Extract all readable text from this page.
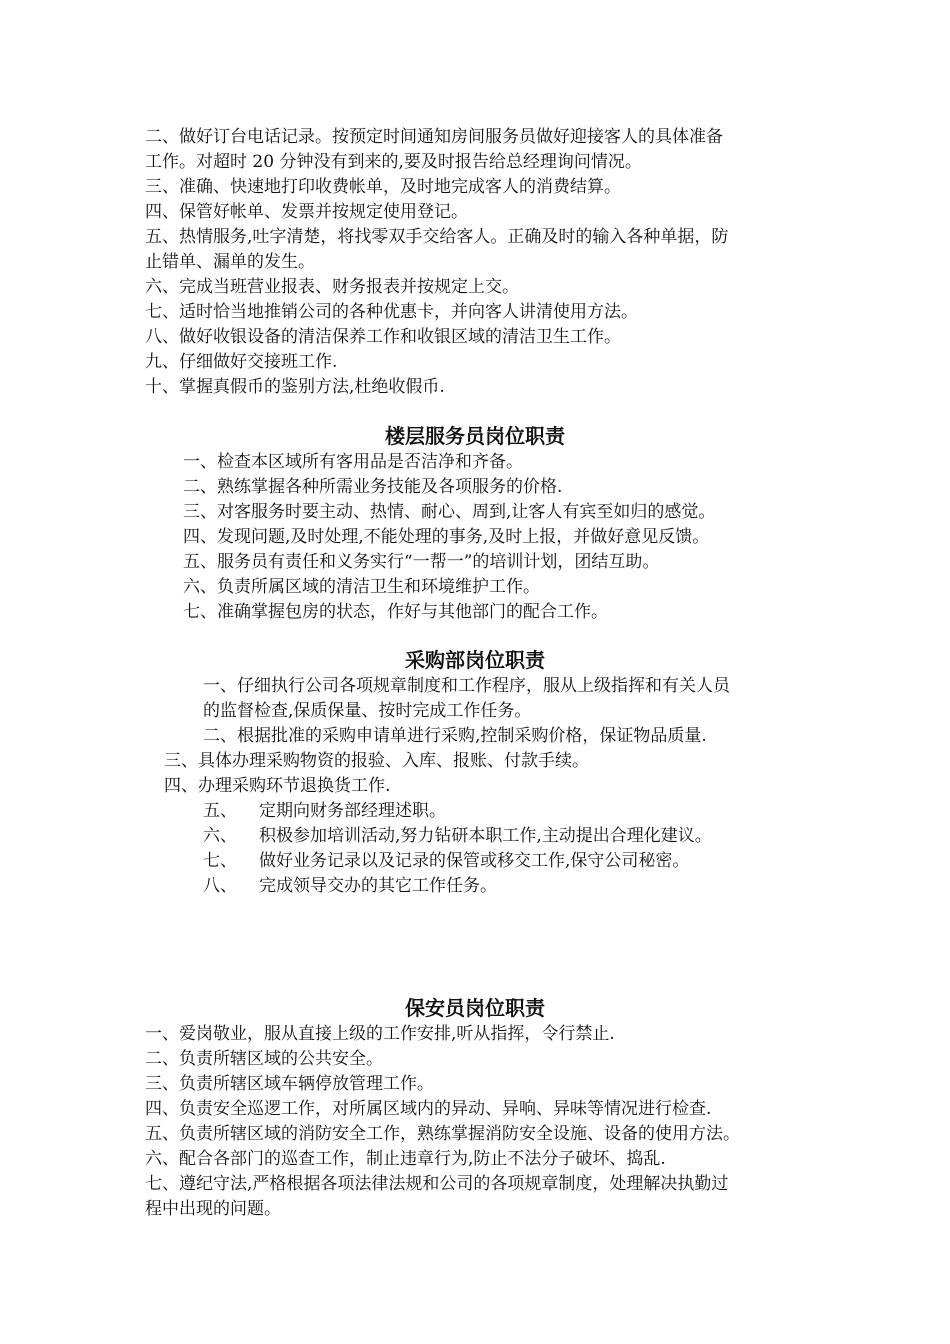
二、做好订台电话记录。按预定时间通知房间服务员做好迎接客人的具体准备
工作。对超时 20 分钟没有到来的,要及时报告给总经理询问情况。
三、准确、快速地打印收费帐单，及时地完成客人的消费结算。
四、保管好帐单、发票并按规定使用登记。
五、热情服务,吐字清楚，将找零双手交给客人。正确及时的输入各种单据，防
止错单、漏单的发生。
六、完成当班营业报表、财务报表并按规定上交。
七、适时恰当地推销公司的各种优惠卡，并向客人讲清使用方法。
八、做好收银设备的清洁保养工作和收银区域的清洁卫生工作。
九、仔细做好交接班工作.
十、掌握真假币的鉴别方法,杜绝收假币.
楼层服务员岗位职责
一、检查本区域所有客用品是否洁净和齐备。
二、熟练掌握各种所需业务技能及各项服务的价格.
三、对客服务时要主动、热情、耐心、周到,让客人有宾至如归的感觉。
四、发现问题,及时处理,不能处理的事务,及时上报，并做好意见反馈。
五、服务员有责任和义务实行“一帮一”的培训计划，团结互助。
六、负责所属区域的清洁卫生和环境维护工作。
七、准确掌握包房的状态，作好与其他部门的配合工作。
采购部岗位职责
一、仔细执行公司各项规章制度和工作程序，服从上级指挥和有关人员
的监督检查,保质保量、按时完成工作任务。
二、根据批准的采购申请单进行采购,控制采购价格，保证物品质量.
三、具体办理采购物资的报验、入库、报账、付款手续。
四、办理采购环节退换货工作.
五、 定期向财务部经理述职。
六、 积极参加培训活动,努力钻研本职工作,主动提出合理化建议。
七、 做好业务记录以及记录的保管或移交工作,保守公司秘密。
八、 完成领导交办的其它工作任务。
保安员岗位职责
一、爱岗敬业，服从直接上级的工作安排,听从指挥，令行禁止.
二、负责所辖区域的公共安全。
三、负责所辖区域车辆停放管理工作。
四、负责安全巡逻工作，对所属区域内的异动、异响、异味等情况进行检查.
五、负责所辖区域的消防安全工作，熟练掌握消防安全设施、设备的使用方法。
六、配合各部门的巡查工作，制止违章行为,防止不法分子破坏、捣乱.
七、遵纪守法,严格根据各项法律法规和公司的各项规章制度，处理解决执勤过
程中出现的问题。
